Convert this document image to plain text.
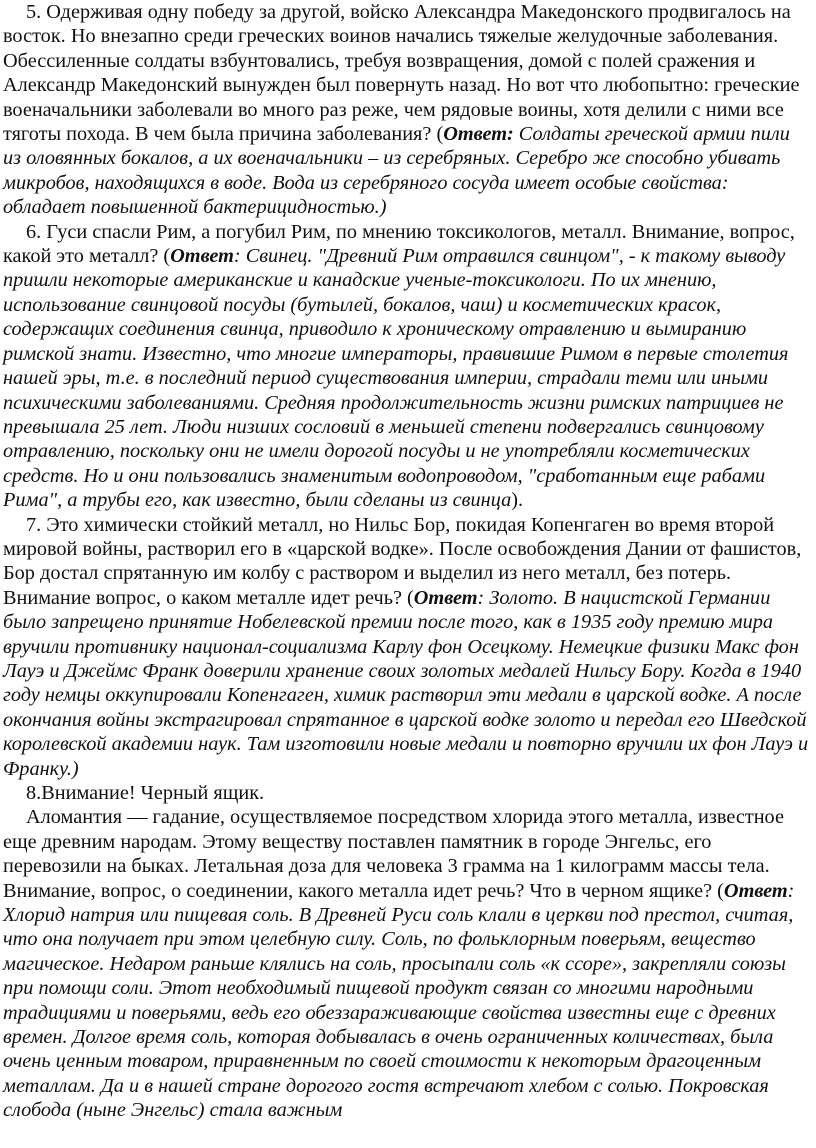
5. Одерживая одну победу за другой, войско Александра Македонского продвигалось на восток. Но внезапно среди греческих воинов начались тяжелые желудочные заболевания. Обессиленные солдаты взбунтовались, требуя возвращения, домой с полей сражения и Александр Македонский вынужден был повернуть назад. Но вот что любопытно: греческие военачальники заболевали во много раз реже, чем рядовые воины, хотя делили с ними все тяготы похода. В чем была причина заболевания? (Ответ: Солдаты греческой армии пили из оловянных бокалов, а их военачальники – из серебряных. Серебро же способно убивать микробов, находящихся в воде. Вода из серебряного сосуда имеет особые свойства: обладает повышенной бактерицидностью.)

6. Гуси спасли Рим, а погубил Рим, по мнению токсикологов, металл. Внимание, вопрос, какой это металл? (Ответ: Свинец. "Древний Рим отравился свинцом", - к такому выводу пришли некоторые американские и канадские ученые-токсикологи. По их мнению, использование свинцовой посуды (бутылей, бокалов, чаш) и косметических красок, содержащих соединения свинца, приводило к хроническому отравлению и вымиранию римской знати. Известно, что многие императоры, правившие Римом в первые столетия нашей эры, т.е. в последний период существования империи, страдали теми или иными психическими заболеваниями. Средняя продолжительность жизни римских патрициев не превышала 25 лет. Люди низших сословий в меньшей степени подвергались свинцовому отравлению, поскольку они не имели дорогой посуды и не употребляли косметических средств. Но и они пользовались знаменитым водопроводом, "сработанным еще рабами Рима", а трубы его, как известно, были сделаны из свинца).

7. Это химически стойкий металл, но Нильс Бор, покидая Копенгаген во время второй мировой войны, растворил его в «царской водке». После освобождения Дании от фашистов, Бор достал спрятанную им колбу с раствором и выделил из него металл, без потерь. Внимание вопрос, о каком металле идет речь? (Ответ: Золото. В нацистской Германии было запрещено принятие Нобелевской премии после того, как в 1935 году премию мира вручили противнику национал-социализма Карлу фон Осецкому. Немецкие физики Макс фон Лауэ и Джеймс Франк доверили хранение своих золотых медалей Нильсу Бору. Когда в 1940 году немцы оккупировали Копенгаген, химик растворил эти медали в царской водке. А после окончания войны экстрагировал спрятанное в царской водке золото и передал его Шведской королевской академии наук. Там изготовили новые медали и повторно вручили их фон Лауэ и Франку.)

8.Внимание! Черный ящик.

Аломантия — гадание, осуществляемое посредством хлорида этого металла, известное еще древним народам. Этому веществу поставлен памятник в городе Энгельс, его перевозили на быках. Летальная доза для человека 3 грамма на 1 килограмм массы тела. Внимание, вопрос, о соединении, какого металла идет речь? Что в черном ящике? (Ответ: Хлорид натрия или пищевая соль. В Древней Руси соль клали в церкви под престол, считая, что она получает при этом целебную силу. Соль, по фольклорным поверьям, вещество магическое. Недаром раньше клялись на соль, просыпали соль «к ссоре», закрепляли союзы при помощи соли. Этот необходимый пищевой продукт связан со многими народными традициями и поверьями, ведь его обеззараживающие свойства известны еще с древних времен. Долгое время соль, которая добывалась в очень ограниченных количествах, была очень ценным товаром, приравненным по своей стоимости к некоторым драгоценным металлам. Да и в нашей стране дорогого гостя встречают хлебом с солью. Покровская слобода (ныне Энгельс) стала важным
